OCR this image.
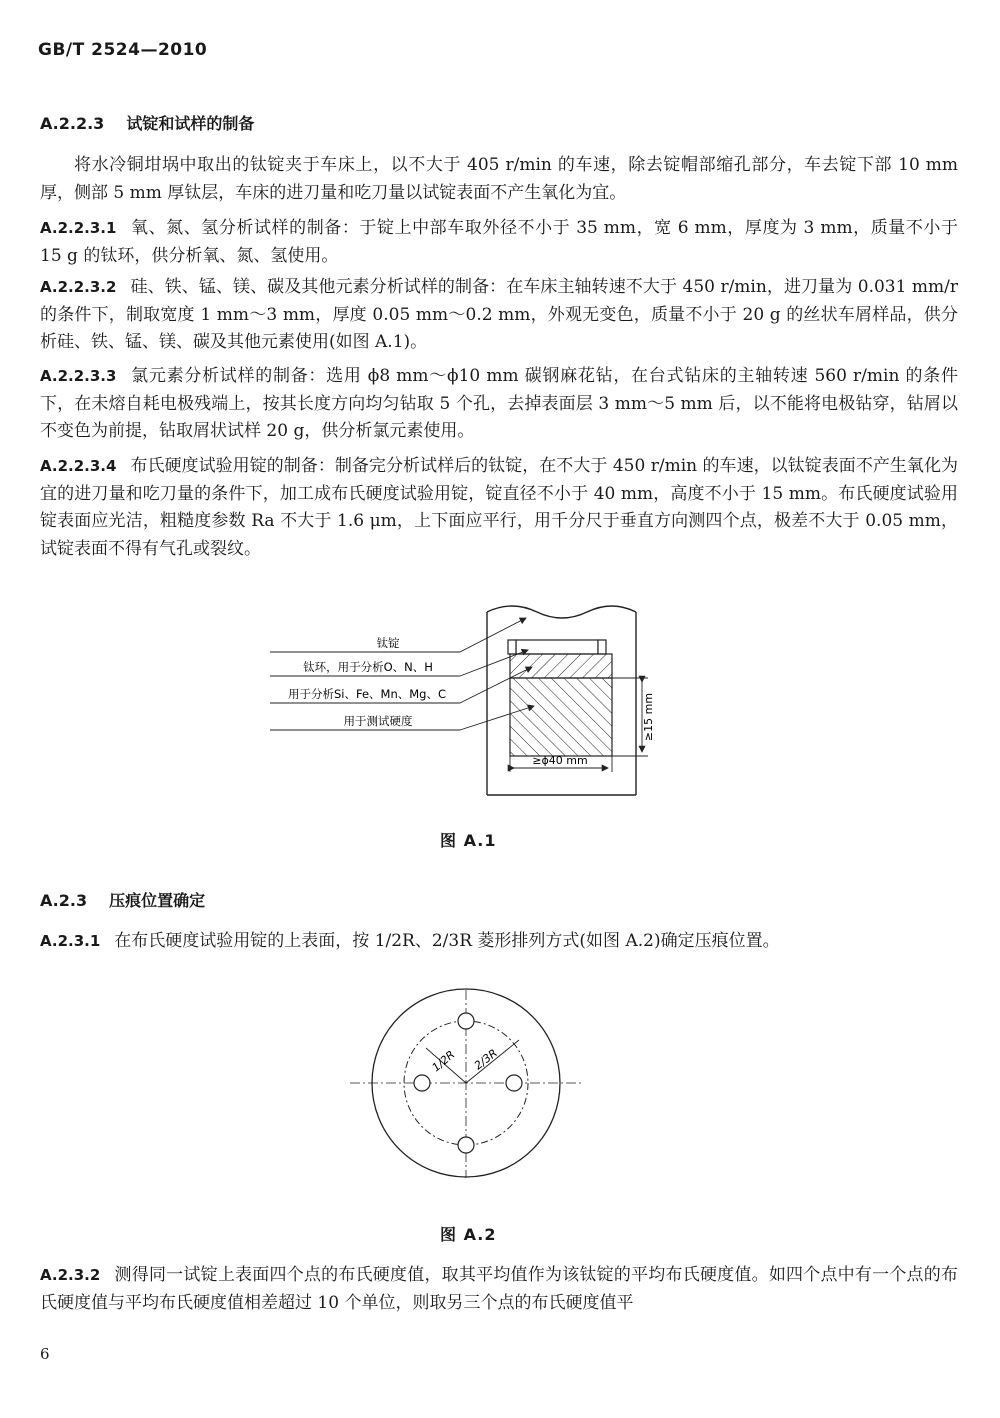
GB/T 2524—2010
A.2.2.3 试锭和试样的制备
将水冷铜坩埚中取出的钛锭夹于车床上，以不大于 405 r/min 的车速，除去锭帽部缩孔部分，车去锭下部 10 mm 厚，侧部 5 mm 厚钛层，车床的进刀量和吃刀量以试锭表面不产生氧化为宜。
A.2.2.3.1 氧、氮、氢分析试样的制备：于锭上中部车取外径不小于 35 mm，宽 6 mm，厚度为 3 mm，质量不小于 15 g 的钛环，供分析氧、氮、氢使用。
A.2.2.3.2 硅、铁、锰、镁、碳及其他元素分析试样的制备：在车床主轴转速不大于 450 r/min，进刀量为 0.031 mm/r 的条件下，制取宽度 1 mm～3 mm，厚度 0.05 mm～0.2 mm，外观无变色，质量不小于 20 g 的丝状车屑样品，供分析硅、铁、锰、镁、碳及其他元素使用(如图 A.1)。
A.2.2.3.3 氯元素分析试样的制备：选用 ϕ8 mm～ϕ10 mm 碳钢麻花钻，在台式钻床的主轴转速 560 r/min 的条件下，在未熔自耗电极残端上，按其长度方向均匀钻取 5 个孔，去掉表面层 3 mm～5 mm 后，以不能将电极钻穿，钻屑以不变色为前提，钻取屑状试样 20 g，供分析氯元素使用。
A.2.2.3.4 布氏硬度试验用锭的制备：制备完分析试样后的钛锭，在不大于 450 r/min 的车速，以钛锭表面不产生氧化为宜的进刀量和吃刀量的条件下，加工成布氏硬度试验用锭，锭直径不小于 40 mm，高度不小于 15 mm。布氏硬度试验用锭表面应光洁，粗糙度参数 Ra 不大于 1.6 μm，上下面应平行，用千分尺于垂直方向测四个点，极差不大于 0.05 mm，试锭表面不得有气孔或裂纹。
≥15 mm
≥ϕ40 mm
钛锭
钛环，用于分析O、N、H
用于分析Si、Fe、Mn、Mg、C
用于测试硬度
图 A.1
A.2.3 压痕位置确定
A.2.3.1 在布氏硬度试验用锭的上表面，按 1/2R、2/3R 菱形排列方式(如图 A.2)确定压痕位置。
1/2R 2/3R
图 A.2
A.2.3.2 测得同一试锭上表面四个点的布氏硬度值，取其平均值作为该钛锭的平均布氏硬度值。如四个点中有一个点的布氏硬度值与平均布氏硬度值相差超过 10 个单位，则取另三个点的布氏硬度值平
6
